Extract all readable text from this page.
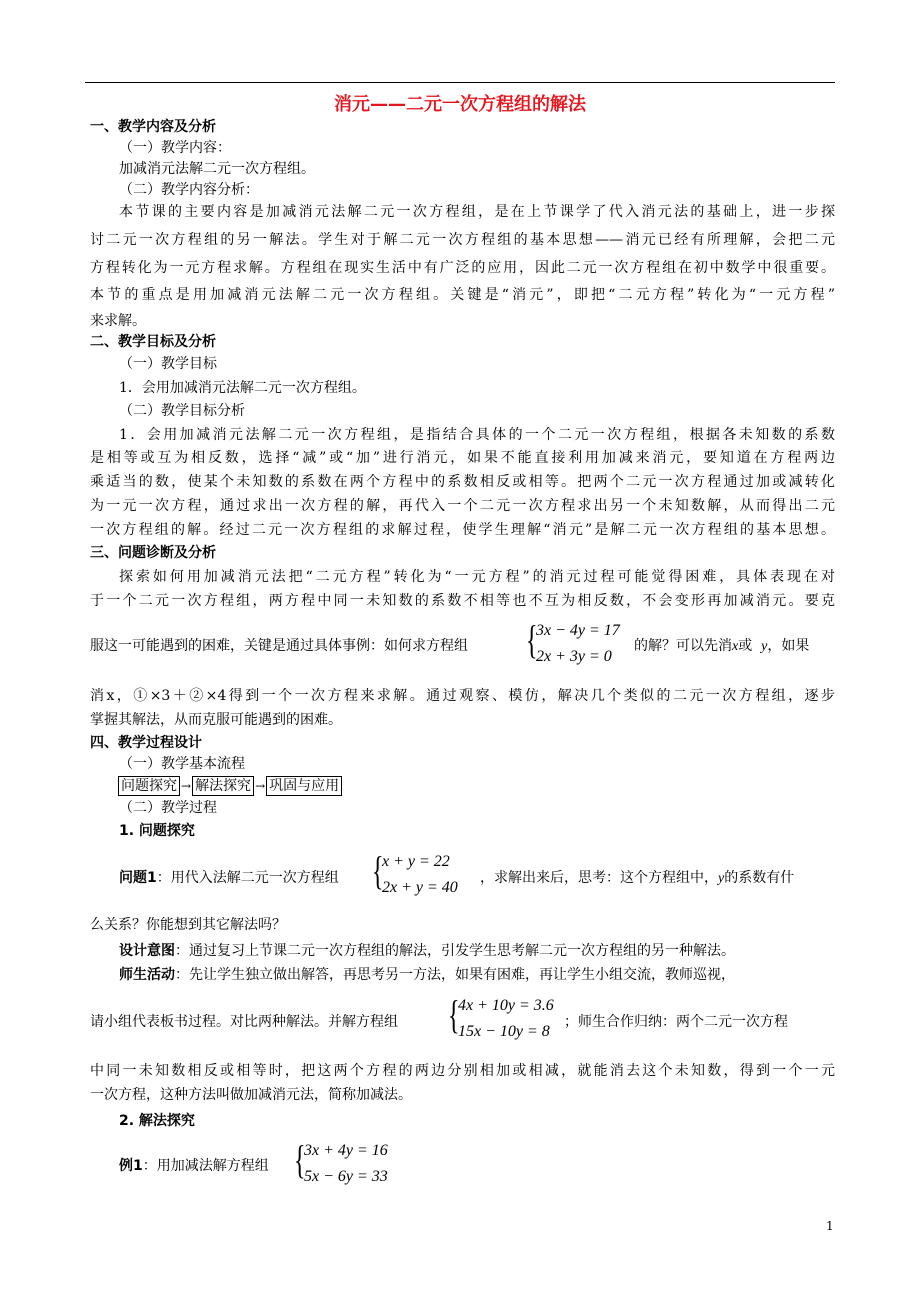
消元——二元一次方程组的解法
一、教学内容及分析
（一）教学内容：
加减消元法解二元一次方程组。
（二）教学内容分析：
本节课的主要内容是加减消元法解二元一次方程组，是在上节课学了代入消元法的基础上，进一步探
讨二元一次方程组的另一解法。学生对于解二元一次方程组的基本思想——消元已经有所理解，会把二元
方程转化为一元方程求解。方程组在现实生活中有广泛的应用，因此二元一次方程组在初中数学中很重要。
本节的重点是用加减消元法解二元一次方程组。关键是“消元”，即把“二元方程”转化为“一元方程”
来求解。
二、教学目标及分析
（一）教学目标
1．会用加减消元法解二元一次方程组。
（二）教学目标分析
1．会用加减消元法解二元一次方程组，是指结合具体的一个二元一次方程组，根据各未知数的系数
是相等或互为相反数，选择“减”或“加”进行消元，如果不能直接利用加减来消元，要知道在方程两边
乘适当的数，使某个未知数的系数在两个方程中的系数相反或相等。把两个二元一次方程通过加或减转化
为一元一次方程，通过求出一次方程的解，再代入一个二元一次方程求出另一个未知数解，从而得出二元
一次方程组的解。经过二元一次方程组的求解过程，使学生理解“消元”是解二元一次方程组的基本思想。
三、问题诊断及分析
探索如何用加减消元法把“二元方程”转化为“一元方程”的消元过程可能觉得困难，具体表现在对
于一个二元一次方程组，两方程中同一未知数的系数不相等也不互为相反数，不会变形再加减消元。要克
服这一可能遇到的困难，关键是通过具体事例：如何求方程组 {
3x − 4y = 17
2x + 3y = 0
的解？可以先消x或 y，如果
消x，①×3＋②×4得到一个一次方程来求解。通过观察、模仿，解决几个类似的二元一次方程组，逐步
掌握其解法，从而克服可能遇到的困难。
四、教学过程设计
（一）教学基本流程
问题探究 → 解法探究 → 巩固与应用
（二）教学过程
1. 问题探究
问题1：用代入法解二元一次方程组 {
x + y = 22
2x + y = 40
，求解出来后，思考：这个方程组中，y的系数有什
么关系？你能想到其它解法吗？
设计意图：通过复习上节课二元一次方程组的解法，引发学生思考解二元一次方程组的另一种解法。
师生活动：先让学生独立做出解答，再思考另一方法，如果有困难，再让学生小组交流，教师巡视，
请小组代表板书过程。对比两种解法。并解方程组 {
4x + 10y = 3.6
15x − 10y = 8
；师生合作归纳：两个二元一次方程
中同一未知数相反或相等时，把这两个方程的两边分别相加或相减，就能消去这个未知数，得到一个一元
一次方程，这种方法叫做加减消元法，简称加减法。
2. 解法探究
例1：用加减法解方程组 {
3x + 4y = 16
5x − 6y = 33
1
